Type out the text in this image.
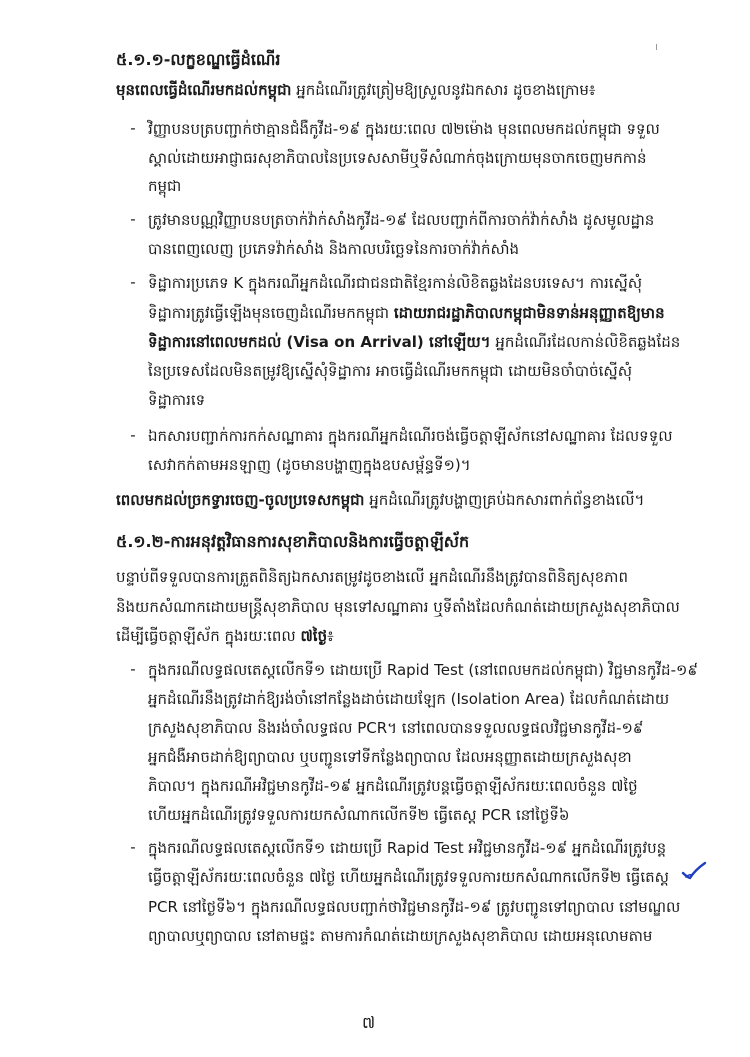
៥.១.១-លក្ខខណ្ឌធ្វើដំណើរ
មុនពេលធ្វើដំណើរមកដល់កម្ពុជា អ្នកដំណើរត្រូវត្រៀមឱ្យស្រួលនូវឯកសារ ដូចខាងក្រោម៖
- វិញ្ញាបនបត្របញ្ជាក់ថាគ្មានជំងឺកូវីដ-១៩ ក្នុងរយៈពេល ៧២ម៉ោង មុនពេលមកដល់កម្ពុជា ទទួល
ស្គាល់ដោយអាជ្ញាធរសុខាភិបាលនៃប្រទេសសាមីឬទីសំណាក់ចុងក្រោយមុនចាកចេញមកកាន់
កម្ពុជា
- ត្រូវមានបណ្ណវិញ្ញាបនបត្រចាក់វ៉ាក់សាំងកូវីដ-១៩ ដែលបញ្ជាក់ពីការចាក់វ៉ាក់សាំង ដូសមូលដ្ឋាន
បានពេញលេញ ប្រភេទវ៉ាក់សាំង និងកាលបរិច្ឆេទនៃការចាក់វ៉ាក់សាំង
- ទិដ្ឋាការប្រភេទ K ក្នុងករណីអ្នកដំណើរជាជនជាតិខ្មែរកាន់លិខិតឆ្លងដែនបរទេស។ ការស្នើសុំ
ទិដ្ឋាការត្រូវធ្វើឡើងមុនចេញដំណើរមកកម្ពុជា ដោយរាជរដ្ឋាភិបាលកម្ពុជាមិនទាន់អនុញ្ញាតឱ្យមាន
ទិដ្ឋាការនៅពេលមកដល់ (Visa on Arrival) នៅឡើយ។ អ្នកដំណើរដែលកាន់លិខិតឆ្លងដែន
នៃប្រទេសដែលមិនតម្រូវឱ្យស្នើសុំទិដ្ឋាការ អាចធ្វើដំណើរមកកម្ពុជា ដោយមិនចាំបាច់ស្នើសុំ
ទិដ្ឋាការទេ
- ឯកសារបញ្ជាក់ការកក់សណ្ឋាគារ ក្នុងករណីអ្នកដំណើរចង់ធ្វើចត្តាឡីស័កនៅសណ្ឋាគារ ដែលទទួល
សេវាកក់តាមអនឡាញ (ដូចមានបង្ហាញក្នុងឧបសម្ព័ន្ធទី១)។
ពេលមកដល់ច្រកទ្វារចេញ-ចូលប្រទេសកម្ពុជា អ្នកដំណើរត្រូវបង្ហាញគ្រប់ឯកសារពាក់ព័ន្ធខាងលើ។
៥.១.២-ការអនុវត្តវិធានការសុខាភិបាលនិងការធ្វើចត្តាឡីស័ក
បន្ទាប់ពីទទួលបានការត្រួតពិនិត្យឯកសារតម្រូវដូចខាងលើ អ្នកដំណើរនឹងត្រូវបានពិនិត្យសុខភាព
និងយកសំណាកដោយមន្ត្រីសុខាភិបាល មុនទៅសណ្ឋាគារ ឬទីតាំងដែលកំណត់ដោយក្រសួងសុខាភិបាល
ដើម្បីធ្វើចត្តាឡីស័ក ក្នុងរយៈពេល ៧ថ្ងៃ៖
- ក្នុងករណីលទ្ធផលតេស្តលើកទី១ ដោយប្រើ Rapid Test (នៅពេលមកដល់កម្ពុជា) វិជ្ជមានកូវីដ-១៩
អ្នកដំណើរនឹងត្រូវដាក់ឱ្យរង់ចាំនៅកន្លែងដាច់ដោយឡែក (Isolation Area) ដែលកំណត់ដោយ
ក្រសួងសុខាភិបាល និងរង់ចាំលទ្ធផល PCR។ នៅពេលបានទទួលលទ្ធផលវិជ្ជមានកូវីដ-១៩
អ្នកជំងឺអាចដាក់ឱ្យព្យាបាល ឬបញ្ជូនទៅទីកន្លែងព្យាបាល ដែលអនុញ្ញាតដោយក្រសួងសុខា
ភិបាល។ ក្នុងករណីអវិជ្ជមានកូវីដ-១៩ អ្នកដំណើរត្រូវបន្តធ្វើចត្តាឡីស័ករយៈពេលចំនួន ៧ថ្ងៃ
ហើយអ្នកដំណើរត្រូវទទួលការយកសំណាកលើកទី២ ធ្វើតេស្ត PCR នៅថ្ងៃទី៦
- ក្នុងករណីលទ្ធផលតេស្តលើកទី១ ដោយប្រើ Rapid Test អវិជ្ជមានកូវីដ-១៩ អ្នកដំណើរត្រូវបន្ត
ធ្វើចត្តាឡីស័ករយៈពេលចំនួន ៧ថ្ងៃ ហើយអ្នកដំណើរត្រូវទទួលការយកសំណាកលើកទី២ ធ្វើតេស្ត
PCR នៅថ្ងៃទី៦។ ក្នុងករណីលទ្ធផលបញ្ជាក់ថាវិជ្ជមានកូវីដ-១៩ ត្រូវបញ្ជូនទៅព្យាបាល នៅមណ្ឌល
ព្យាបាលឬព្យាបាល នៅតាមផ្ទះ តាមការកំណត់ដោយក្រសួងសុខាភិបាល ដោយអនុលោមតាម
៧
